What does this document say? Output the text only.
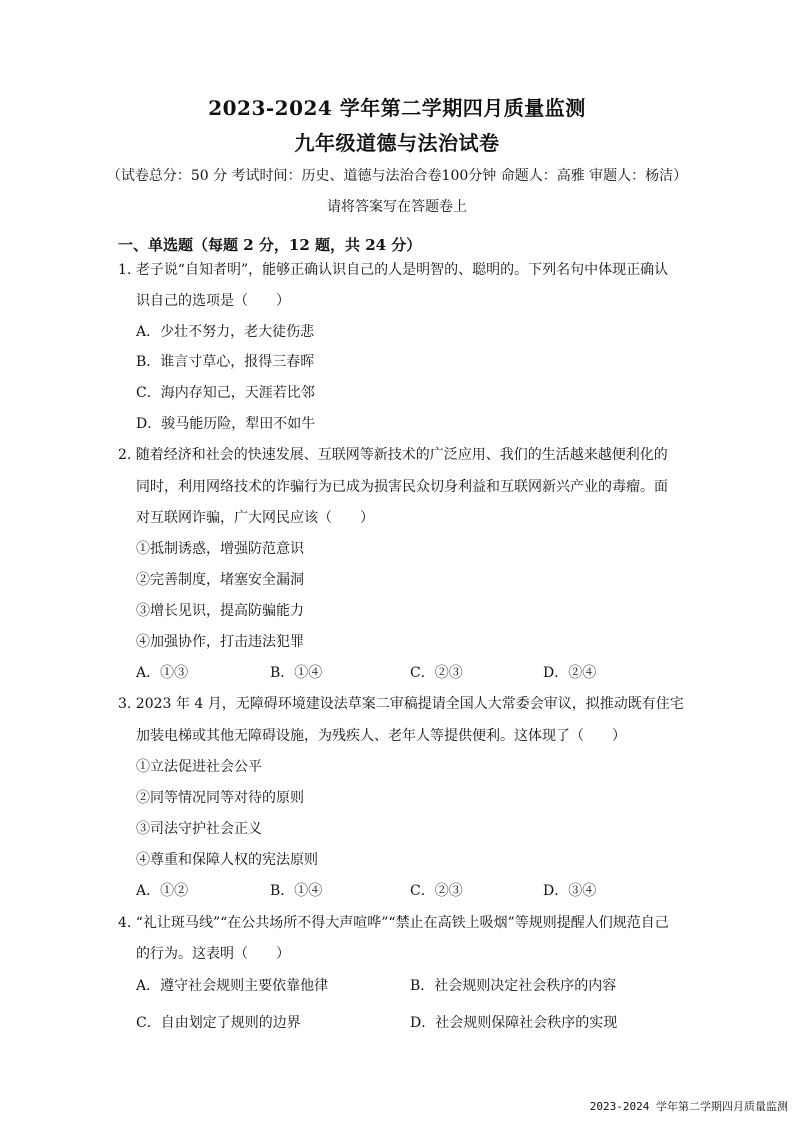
2023-2024 学年第二学期四月质量监测
九年级道德与法治试卷
（试卷总分：50 分 考试时间：历史、道德与法治合卷100分钟 命题人：高雅 审题人：杨洁）
请将答案写在答题卷上
一、单选题（每题 2 分，12 题，共 24 分）
1. 老子说“自知者明”，能够正确认识自己的人是明智的、聪明的。下列名句中体现正确认
识自己的选项是（　　）
A．少壮不努力，老大徒伤悲
B．谁言寸草心，报得三春晖
C．海内存知己，天涯若比邻
D．骏马能历险，犁田不如牛
2. 随着经济和社会的快速发展、互联网等新技术的广泛应用、我们的生活越来越便利化的
同时，利用网络技术的诈骗行为已成为损害民众切身利益和互联网新兴产业的毒瘤。面
对互联网诈骗，广大网民应该（　　）
①抵制诱惑，增强防范意识
②完善制度，堵塞安全漏洞
③增长见识，提高防骗能力
④加强协作，打击违法犯罪
A．①③	B．①④	C．②③	D．②④
3. 2023 年 4 月，无障碍环境建设法草案二审稿提请全国人大常委会审议，拟推动既有住宅
加装电梯或其他无障碍设施，为残疾人、老年人等提供便利。这体现了（　　）
①立法促进社会公平
②同等情况同等对待的原则
③司法守护社会正义
④尊重和保障人权的宪法原则
A．①②	B．①④	C．②③	D．③④
4. “礼让斑马线”“在公共场所不得大声喧哗”“禁止在高铁上吸烟”等规则提醒人们规范自己
的行为。这表明（　　）
A．遵守社会规则主要依靠他律	B．社会规则决定社会秩序的内容
C．自由划定了规则的边界	D．社会规则保障社会秩序的实现
2023-2024 学年第二学期四月质量监测
